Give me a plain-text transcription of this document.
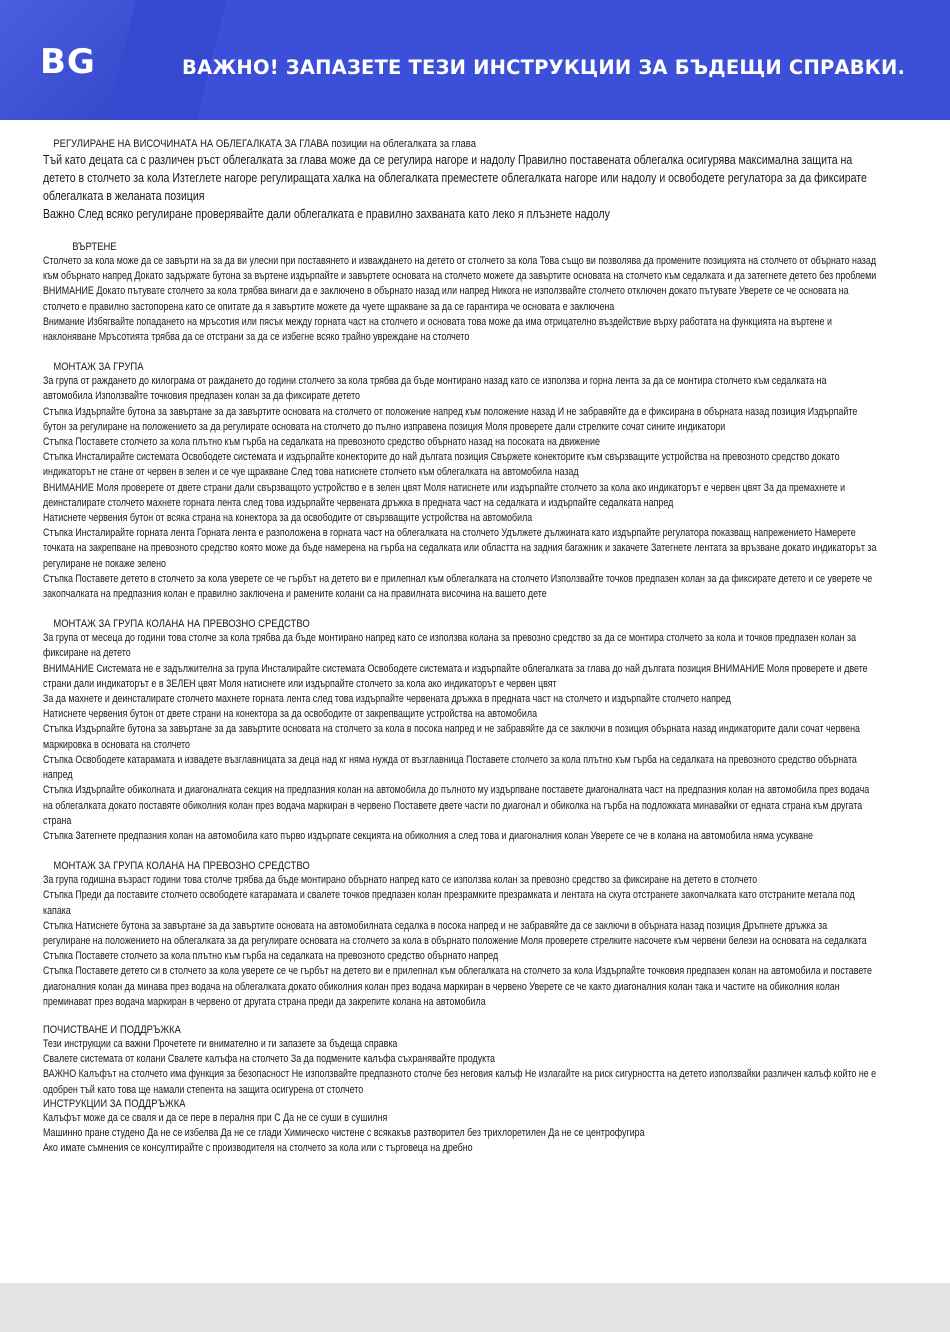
BG	ВАЖНО! ЗАПАЗЕТЕ ТЕЗИ ИНСТРУКЦИИ ЗА БЪДЕЩИ СПРАВКИ.
РЕГУЛИРАНЕ НА ВИСОЧИНАТА НА ОБЛЕГАЛКАТА ЗА ГЛАВА позиции на облегалката за глава

Тъй като децата са с различен ръст облегалката за глава може да се регулира нагоре и надолу Правилно поставената облегалка осигурява максимална защита на детето в столчето за кола Изтеглете нагоре регулиращата халка на облегалката преместете облегалката нагоре или надолу и освободете регулатора за да фиксирате облегалката в желаната позиция

Важно След всяко регулиране проверявайте дали облегалката е правилно захваната като леко я плъзнете надолу

ВЪРТЕНЕ

Столчето за кола може да се завърти на за да ви улесни при поставянето и изваждането на детето от столчето за кола Това също ви позволява да промените позицията на столчето от обърнато назад към обърнато напред Докато задържате бутона за въртене издърпайте и завъртете основата на столчето можете да завъртите основата на столчето към седалката и да затегнете детето без проблеми

ВНИМАНИЕ Докато пътувате столчето за кола трябва винаги да е заключено в обърнато назад или напред Никога не използвайте столчето отключен докато пътувате Уверете се че основата на столчето е правилно застопорена като се опитате да я завъртите можете да чуете щракване за да се гарантира че основата е заключена

Внимание Избягвайте попадането на мръсотия или пясък между горната част на столчето и основата това може да има отрицателно въздействие върху работата на функцията на въртене и наклоняване Мръсотията трябва да се отстрани за да се избегне всяко трайно увреждане на столчето

МОНТАЖ ЗА ГРУПА

За група от раждането до килограма от раждането до години столчето за кола трябва да бъде монтирано назад като се използва и горна лента за да се монтира столчето към седалката на автомобила Използвайте точковия предпазен колан за да фиксирате детето

Стъпка Издърпайте бутона за завъртане за да завъртите основата на столчето от положение напред към положение назад И не забравяйте да е фиксирана в обърната назад позиция Издърпайте бутон за регулиране на положението за да регулирате основата на столчето до пълно изправена позиция Моля проверете дали стрелките сочат сините индикатори

Стъпка Поставете столчето за кола плътно към гърба на седалката на превозното средство обърнато назад на посоката на движение

Стъпка Инсталирайте системата Освободете системата и издърпайте конекторите до най дългата позиция Свържете конекторите към свързващите устройства на превозното средство докато индикаторът не стане от червен в зелен и се чуе щракване След това натиснете столчето към облегалката на автомобила назад

ВНИМАНИЕ Моля проверете от двете страни дали свързващото устройство е в зелен цвят Моля натиснете или издърпайте столчето за кола ако индикаторът е червен цвят За да премахнете и деинсталирате столчето махнете горната лента след това издърпайте червената дръжка в предната част на седалката и издърпайте седалката напред

Натиснете червения бутон от всяка страна на конектора за да освободите от свързващите устройства на автомобила

Стъпка Инсталирайте горната лента Горната лента е разположена в горната част на облегалката на столчето Удължете дължината като издърпайте регулатора показващ напрежението Намерете точката на закрепване на превозното средство която може да бъде намерена на гърба на седалката или областта на задния багажник и закачете Затегнете лентата за връзване докато индикаторът за регулиране не покаже зелено

Стъпка Поставете детето в столчето за кола уверете се че гърбът на детето ви е прилепнал към облегалката на столчето Използвайте точков предпазен колан за да фиксирате детето и се уверете че закопчалката на предпазния колан е правилно заключена и рамените колани са на правилната височина на вашето дете

МОНТАЖ ЗА ГРУПА КОЛАНА НА ПРЕВОЗНО СРЕДСТВО

За група от месеца до години това столче за кола трябва да бъде монтирано напред като се използва колана за превозно средство за да се монтира столчето за кола и точков предпазен колан за фиксиране на детето

ВНИМАНИЕ Системата не е задължителна за група Инсталирайте системата Освободете системата и издърпайте облегалката за глава до най дългата позиция ВНИМАНИЕ Моля проверете и двете страни дали индикаторът е в ЗЕЛЕН цвят Моля натиснете или издърпайте столчето за кола ако индикаторът е червен цвят

За да махнете и деинсталирате столчето махнете горната лента след това издърпайте червената дръжка в предната част на столчето и издърпайте столчето напред

Натиснете червения бутон от двете страни на конектора за да освободите от закрепващите устройства на автомобила

Стъпка Издърпайте бутона за завъртане за да завъртите основата на столчето за кола в посока напред и не забравяйте да се заключи в позиция обърната назад индикаторите дали сочат червена маркировка в основата на столчето

Стъпка Освободете катарамата и извадете възглавницата за деца над кг няма нужда от възглавница Поставете столчето за кола плътно към гърба на седалката на превозното средство обърната напред

Стъпка Издърпайте обиколната и диагоналната секция на предпазния колан на автомобила до пълното му издърпване поставете диагоналната част на предпазния колан на автомобила през водача на облегалката докато поставяте обиколния колан през водача маркиран в червено Поставете двете части по диагонал и обиколка на гърба на подложката минавайки от едната страна към другата страна

Стъпка Затегнете предпазния колан на автомобила като първо издърпате секцията на обиколния а след това и диагоналния колан Уверете се че в колана на автомобила няма усукване

МОНТАЖ ЗА ГРУПА КОЛАНА НА ПРЕВОЗНО СРЕДСТВО

За група годишна възраст години това столче трябва да бъде монтирано обърнато напред като се използва колан за превозно средство за фиксиране на детето в столчето

Стъпка Преди да поставите столчето освободете катарамата и свалете точков предпазен колан презрамките презрамката и лентата на скута отстранете закопчалката като отстраните метала под капака

Стъпка Натиснете бутона за завъртане за да завъртите основата на автомобилната седалка в посока напред и не забравяйте да се заключи в обърната назад позиция Дръпнете дръжка за регулиране на положението на облегалката за да регулирате основата на столчето за кола в обърнато положение Моля проверете стрелките насочете към червени белези на основата на седалката

Стъпка Поставете столчето за кола плътно към гърба на седалката на превозното средство обърнато напред

Стъпка Поставете детето си в столчето за кола уверете се че гърбът на детето ви е прилепнал към облегалката на столчето за кола Издърпайте точковия предпазен колан на автомобила и поставете диагоналния колан да минава през водача на облегалката докато обиколния колан през водача маркиран в червено Уверете се че както диагоналния колан така и частите на обиколния колан преминават през водача маркиран в червено от другата страна преди да закрепите колана на автомобила

ПОЧИСТВАНЕ И ПОДДРЪЖКА

Тези инструкции са важни Прочетете ги внимателно и ги запазете за бъдеща справка

Свалете системата от колани Свалете калъфа на столчето За да подмените калъфа съхранявайте продукта

ВАЖНО Калъфът на столчето има функция за безопасност Не използвайте предпазното столче без неговия калъф Не излагайте на риск сигурността на детето използвайки различен калъф който не е одобрен тъй като това ще намали степента на защита осигурена от столчето

ИНСТРУКЦИИ ЗА ПОДДРЪЖКА

Калъфът може да се сваля и да се пере в пералня при С Да не се суши в сушилня

Машинно пране студено Да не се избелва Да не се глади Химическо чистене с всякакъв разтворител без трихлоретилен Да не се центрофугира

Ако имате съмнения се консултирайте с производителя на столчето за кола или с търговеца на дребно
